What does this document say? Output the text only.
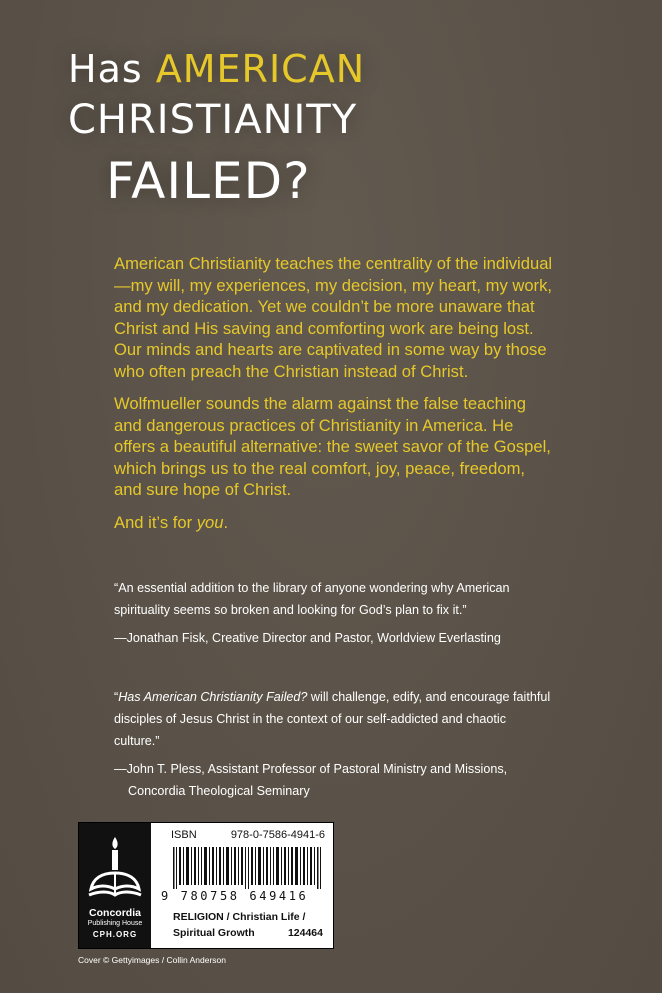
Has AMERICAN
CHRISTIANITY
FAILED?

American Christianity teaches the centrality of the individual—my will, my experiences, my decision, my heart, my work, and my dedication. Yet we couldn’t be more unaware that Christ and His saving and comforting work are being lost. Our minds and hearts are captivated in some way by those who often preach the Christian instead of Christ.

Wolfmueller sounds the alarm against the false teaching and dangerous practices of Christianity in America. He offers a beautiful alternative: the sweet savor of the Gospel, which brings us to the real comfort, joy, peace, freedom, and sure hope of Christ.

And it’s for you.

“An essential addition to the library of anyone wondering why American spirituality seems so broken and looking for God’s plan to fix it.”

—Jonathan Fisk, Creative Director and Pastor, Worldview Everlasting

“Has American Christianity Failed? will challenge, edify, and encourage faithful disciples of Jesus Christ in the context of our self-addicted and chaotic culture.”

—John T. Pless, Assistant Professor of Pastoral Ministry and Missions,

Concordia Theological Seminary

Concordia
Publishing House
CPH.ORG
ISBN	978-0-7586-4941-6
9 780758 649416
RELIGION / Christian Life /
Spiritual Growth	124464
Cover © Gettyimages / Collin Anderson
